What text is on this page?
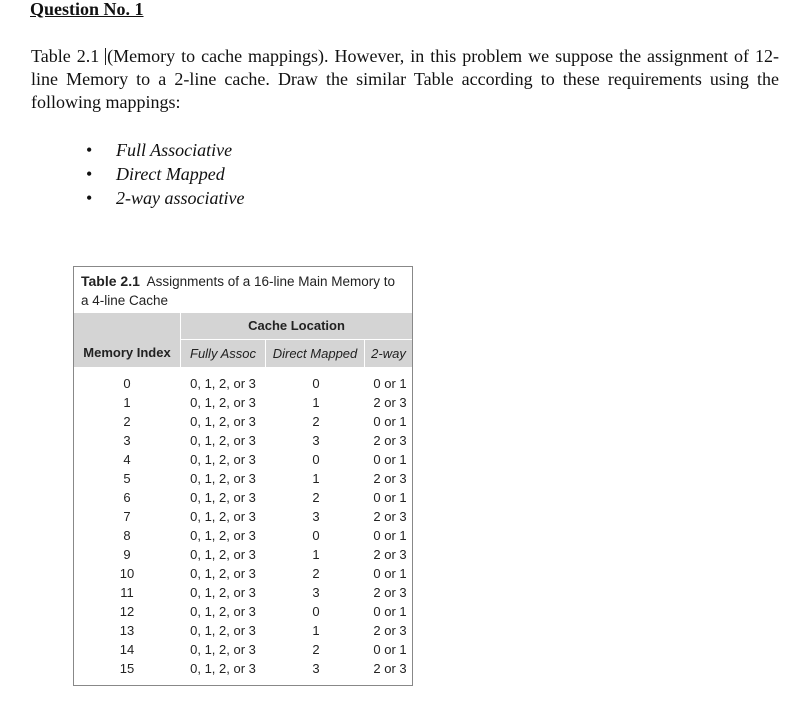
Question No. 1
Table 2.1 (Memory to cache mappings). However, in this problem we suppose the assignment of 12-line Memory to a 2-line cache. Draw the similar Table according to these requirements using the following mappings:
• Full Associative
• Direct Mapped
• 2-way associative
Table 2.1 Assignments of a 16-line Main Memory to a 4-line Cache
Cache Location
Memory Index	Fully Assoc	Direct Mapped	2-way
0	0, 1, 2, or 3	0	0 or 1
1	0, 1, 2, or 3	1	2 or 3
2	0, 1, 2, or 3	2	0 or 1
3	0, 1, 2, or 3	3	2 or 3
4	0, 1, 2, or 3	0	0 or 1
5	0, 1, 2, or 3	1	2 or 3
6	0, 1, 2, or 3	2	0 or 1
7	0, 1, 2, or 3	3	2 or 3
8	0, 1, 2, or 3	0	0 or 1
9	0, 1, 2, or 3	1	2 or 3
10	0, 1, 2, or 3	2	0 or 1
11	0, 1, 2, or 3	3	2 or 3
12	0, 1, 2, or 3	0	0 or 1
13	0, 1, 2, or 3	1	2 or 3
14	0, 1, 2, or 3	2	0 or 1
15	0, 1, 2, or 3	3	2 or 3
